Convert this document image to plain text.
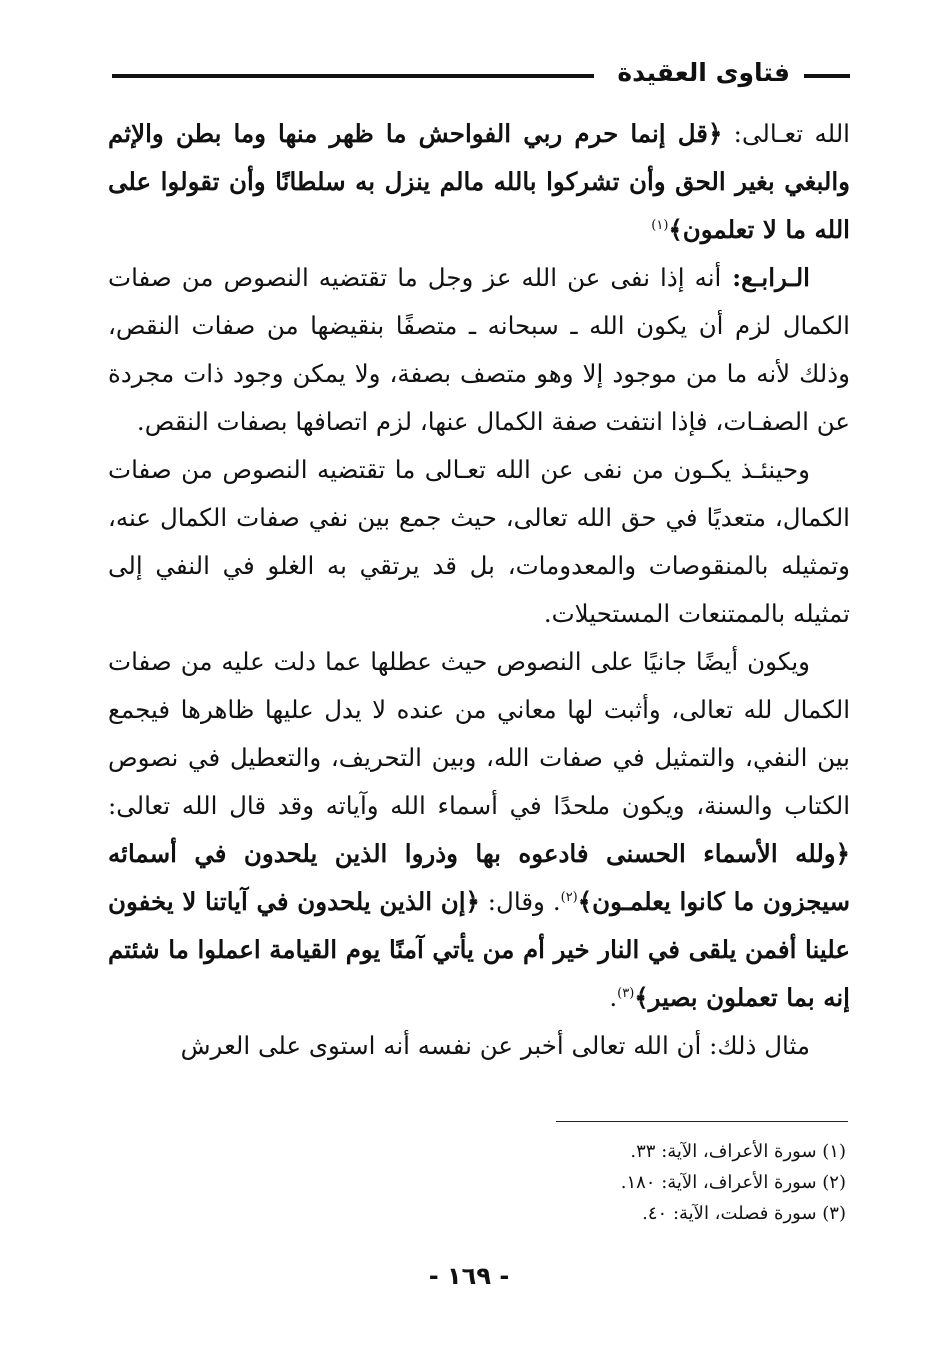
فتاوى العقيدة

الله تعـالى: ﴿قل إنما حرم ربي الفواحش ما ظهر منها وما بطن والإثم والبغي بغير الحق وأن تشركوا بالله مالم ينزل به سلطانًا وأن تقولوا على الله ما لا تعلمون﴾$^{(١)}$

الـرابـع: أنه إذا نفى عن الله عز وجل ما تقتضيه النصوص من صفات الكمال لزم أن يكون الله ـ سبحانه ـ متصفًا بنقيضها من صفات النقص، وذلك لأنه ما من موجود إلا وهو متصف بصفة، ولا يمكن وجود ذات مجردة عن الصفـات، فإذا انتفت صفة الكمال عنها، لزم اتصافها بصفات النقص.

وحينئـذ يكـون من نفى عن الله تعـالى ما تقتضيه النصوص من صفات الكمال، متعديًا في حق الله تعالى، حيث جمع بين نفي صفات الكمال عنه، وتمثيله بالمنقوصات والمعدومات، بل قد يرتقي به الغلو في النفي إلى تمثيله بالممتنعات المستحيلات.

ويكون أيضًا جانيًا على النصوص حيث عطلها عما دلت عليه من صفات الكمال لله تعالى، وأثبت لها معاني من عنده لا يدل عليها ظاهرها فيجمع بين النفي، والتمثيل في صفات الله، وبين التحريف، والتعطيل في نصوص الكتاب والسنة، ويكون ملحدًا في أسماء الله وآياته وقد قال الله تعالى: ﴿ولله الأسماء الحسنى فادعوه بها وذروا الذين يلحدون في أسمائه سيجزون ما كانوا يعلمـون﴾$^{(٢)}$. وقال: ﴿إن الذين يلحدون في آياتنا لا يخفون علينا أفمن يلقى في النار خير أم من يأتي آمنًا يوم القيامة اعملوا ما شئتم إنه بما تعملون بصير﴾$^{(٣)}$.

مثال ذلك: أن الله تعالى أخبر عن نفسه أنه استوى على العرش

(١) سورة الأعراف، الآية: ٣٣.
(٢) سورة الأعراف، الآية: ١٨٠.
(٣) سورة فصلت، الآية: ٤٠.
- ١٦٩ -
